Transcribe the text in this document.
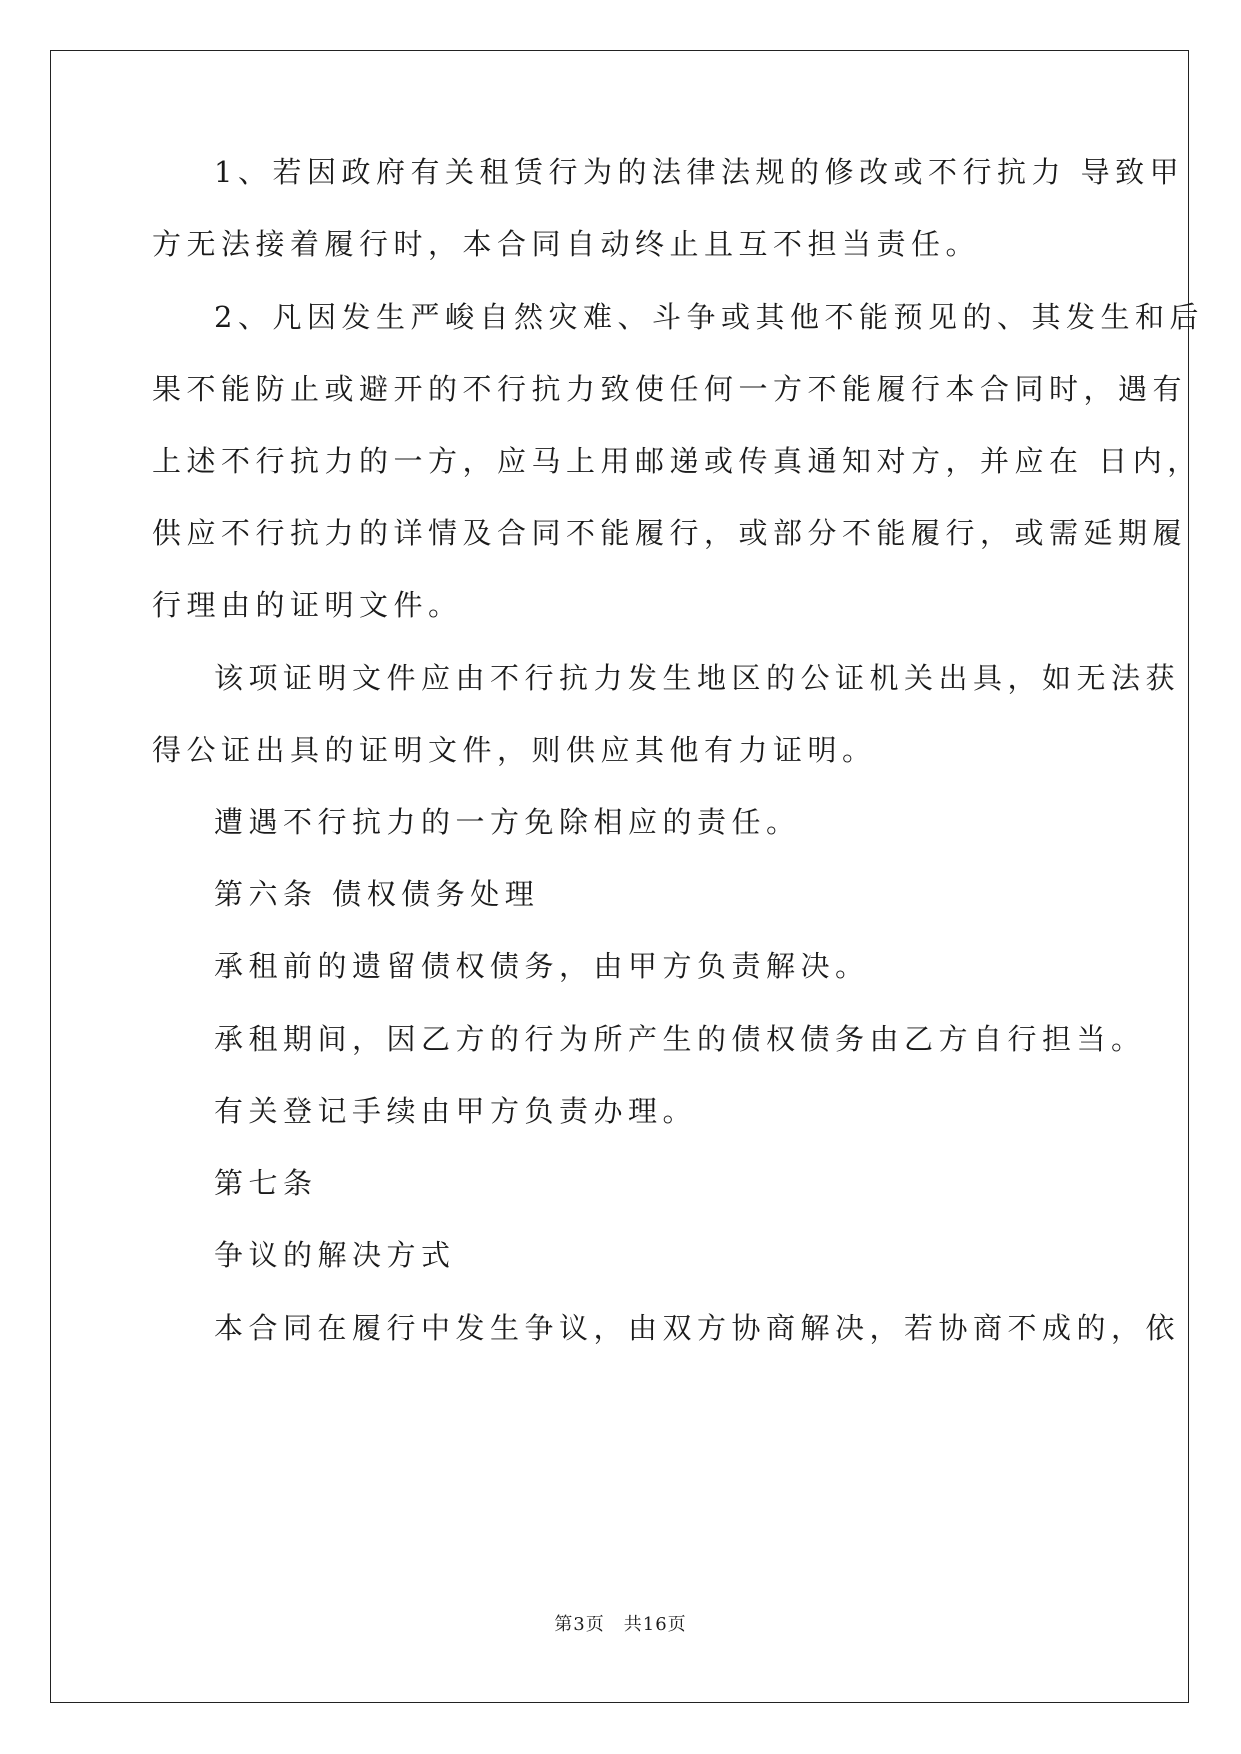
1、若因政府有关租赁行为的法律法规的修改或不行抗力 导致甲
方无法接着履行时，本合同自动终止且互不担当责任。
2、凡因发生严峻自然灾难、斗争或其他不能预见的、其发生和后
果不能防止或避开的不行抗力致使任何一方不能履行本合同时，遇有
上述不行抗力的一方，应马上用邮递或传真通知对方，并应在 日内，
供应不行抗力的详情及合同不能履行，或部分不能履行，或需延期履
行理由的证明文件。
该项证明文件应由不行抗力发生地区的公证机关出具，如无法获
得公证出具的证明文件，则供应其他有力证明。
遭遇不行抗力的一方免除相应的责任。
第六条 债权债务处理
承租前的遗留债权债务，由甲方负责解决。
承租期间，因乙方的行为所产生的债权债务由乙方自行担当。
有关登记手续由甲方负责办理。
第七条
争议的解决方式
本合同在履行中发生争议，由双方协商解决，若协商不成的，依
第3页　共16页
